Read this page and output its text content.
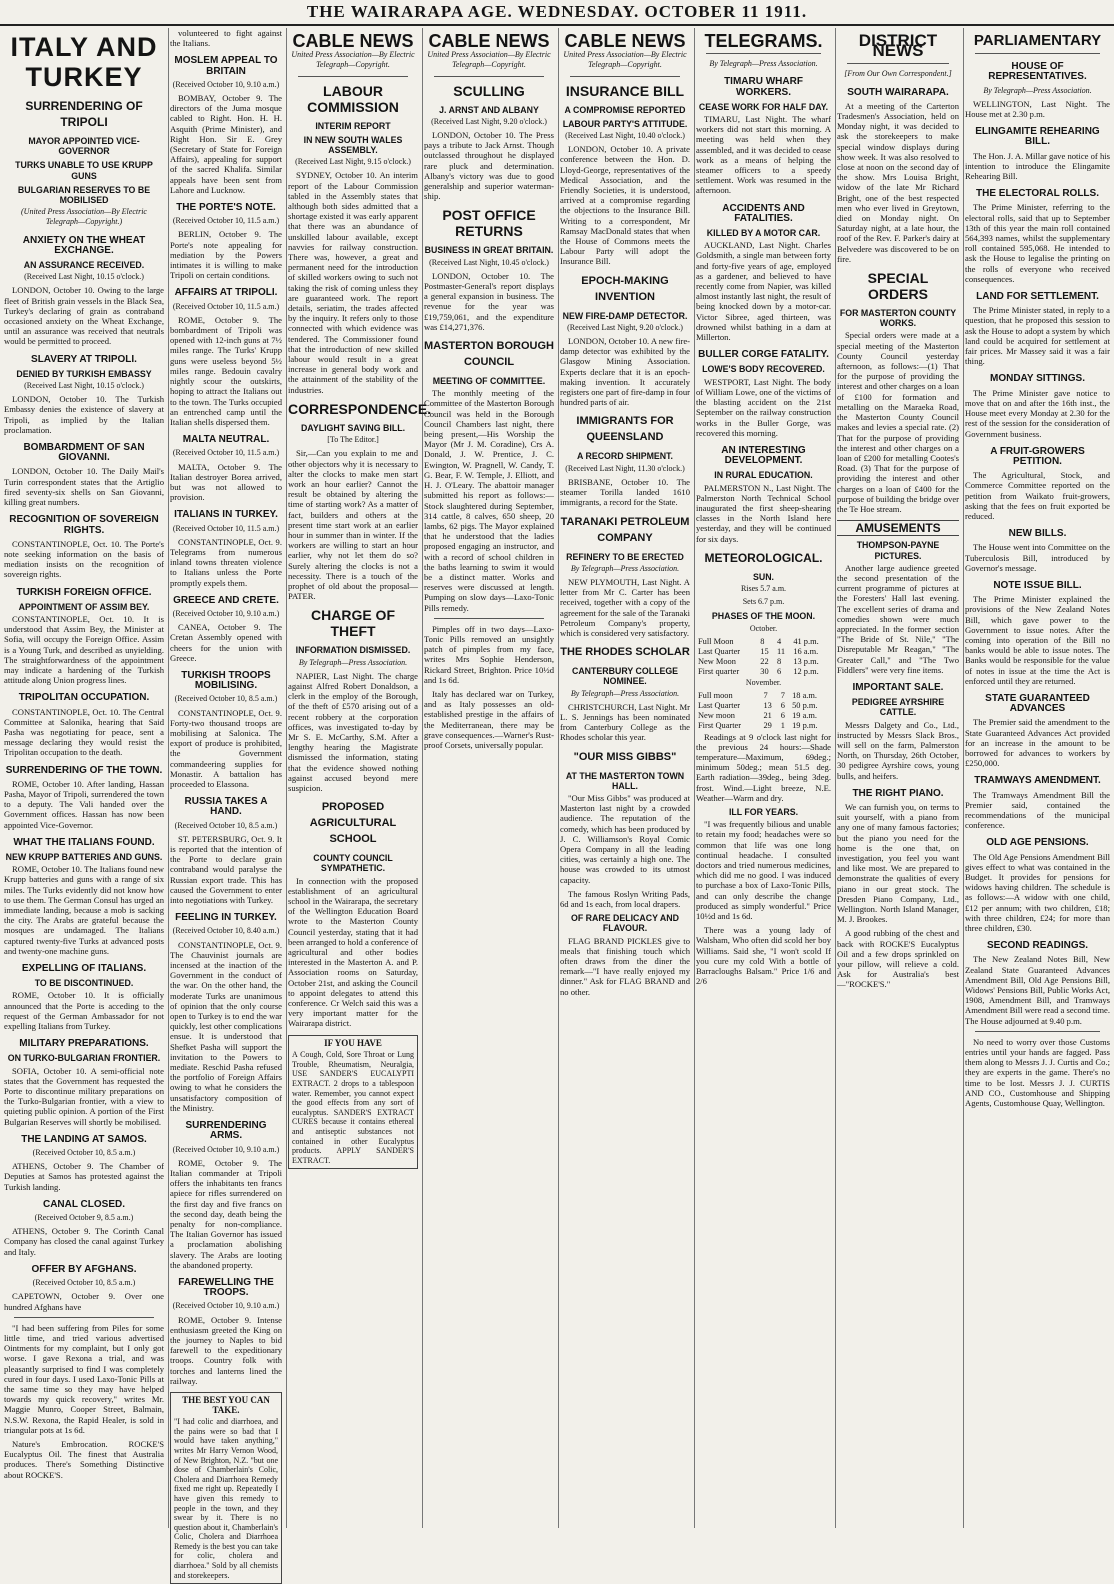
THE WAIRARAPA AGE. WEDNESDAY. OCTOBER 11 1911.
ITALY AND TURKEY
SURRENDERING OF TRIPOLI
MAYOR APPOINTED VICE-GOVERNOR
TURKS UNABLE TO USE KRUPP GUNS
BULGARIAN RESERVES TO BE MOBILISED

(United Press Association—By Electric Telegraph—Copyright.)

ANXIETY ON THE WHEAT EXCHANGE.
AN ASSURANCE RECEIVED.

(Received Last Night, 10.15 o'clock.)

LONDON, October 10. Owing to the large fleet of British grain vessels in the Black Sea, Turkey's declaring of grain as contraband occasioned anxiety on the Wheat Exchange, until an assurance was received that neutrals would be permitted to proceed.

SLAVERY AT TRIPOLI.
DENIED BY TURKISH EMBASSY

(Received Last Night, 10.15 o'clock.)

LONDON, October 10. The Turkish Embassy denies the existence of slavery at Tripoli, as implied by the Italian proclamation.

BOMBARDMENT OF SAN GIOVANNI.

LONDON, October 10. The Daily Mail's Turin correspondent states that the Artiglio fired seventy-six shells on San Giovanni, killing great numbers.

RECOGNITION OF SOVEREIGN RIGHTS.

CONSTANTINOPLE, Oct. 10. The Porte's note seeking information on the basis of mediation insists on the recognition of sovereign rights.

TURKISH FOREIGN OFFICE.
APPOINTMENT OF ASSIM BEY.

CONSTANTINOPLE, Oct. 10. It is understood that Assim Bey, the Minister at Sofia, will occupy the Foreign Office. Assim is a Young Turk, and described as unyielding. The straightforwardness of the appointment may indicate a hardening of the Turkish attitude along Union progress lines.

TRIPOLITAN OCCUPATION.

CONSTANTINOPLE, Oct. 10. The Central Committee at Salonika, hearing that Said Pasha was negotiating for peace, sent a message declaring they would resist the Tripolitan occupation to the death.

SURRENDERING OF THE TOWN.

ROME, October 10. After landing, Hassan Pasha, Mayor of Tripoli, surrendered the town to a deputy. The Vali handed over the Government offices. Hassan has now been appointed Vice-Governor.

WHAT THE ITALIANS FOUND.
NEW KRUPP BATTERIES AND GUNS.

ROME, October 10. The Italians found new Krupp batteries and guns with a range of six miles. The Turks evidently did not know how to use them. The German Consul has urged an immediate landing, because a mob is sacking the city. The Arabs are grateful because the mosques are undamaged. The Italians captured twenty-five Turks at advanced posts and twenty-one machine guns.

EXPELLING OF ITALIANS.
TO BE DISCONTINUED.

ROME, October 10. It is officially announced that the Porte is acceding to the request of the German Ambassador for not expelling Italians from Turkey.

MILITARY PREPARATIONS.
ON TURKO-BULGARIAN FRONTIER.

SOFIA, October 10. A semi-official note states that the Government has requested the Porte to discontinue military preparations on the Turko-Bulgarian frontier, with a view to quieting public opinion. A portion of the First Bulgarian Reserves will shortly be mobilised.

THE LANDING AT SAMOS.

(Received October 10, 8.5 a.m.)

ATHENS, October 9. The Chamber of Deputies at Samos has protested against the Turkish landing.

CANAL CLOSED.

(Received October 9, 8.5 a.m.)

ATHENS, October 9. The Corinth Canal Company has closed the canal against Turkey and Italy.

OFFER BY AFGHANS.

(Received October 10, 8.5 a.m.)

CAPETOWN, October 9. Over one hundred Afghans have

"I had been suffering from Piles for some little time, and tried various advertised Ointments for my complaint, but I only got worse. I gave Rexona a trial, and was pleasantly surprised to find I was completely cured in four days. I used Laxo-Tonic Pills at the same time so they may have helped towards my quick recovery," writes Mr. Maggie Munro, Cooper Street, Balmain, N.S.W. Rexona, the Rapid Healer, is sold in triangular pots at 1s 6d.

Nature's Embrocation. ROCKE'S Eucalyptus Oil. The finest that Australia produces. There's Something Distinctive about ROCKE'S.

volunteered to fight against the Italians.

MOSLEM APPEAL TO BRITAIN

(Received October 10, 9.10 a.m.)

BOMBAY, October 9. The directors of the Juma mosque cabled to Right. Hon. H. H. Asquith (Prime Minister), and Right Hon. Sir E. Grey (Secretary of State for Foreign Affairs), appealing for support of the sacred Khalifa. Similar appeals have been sent from Lahore and Lucknow.

THE PORTE'S NOTE.

(Received October 10, 11.5 a.m.)

BERLIN, October 9. The Porte's note appealing for mediation by the Powers intimates it is willing to make Tripoli on certain conditions.

AFFAIRS AT TRIPOLI.

(Received October 10, 11.5 a.m.)

ROME, October 9. The bombardment of Tripoli was opened with 12-inch guns at 7½ miles range. The Turks' Krupp guns were useless beyond 5½ miles range. Bedouin cavalry nightly scour the outskirts, hoping to attract the Italians out to the town. The Turks occupied an entrenched camp until the Italian shells dispersed them.

MALTA NEUTRAL.

(Received October 10, 11.5 a.m.)

MALTA, October 9. The Italian destroyer Borea arrived, but was not allowed to provision.

ITALIANS IN TURKEY.

(Received October 10, 11.5 a.m.)

CONSTANTINOPLE, Oct. 9. Telegrams from numerous inland towns threaten violence to Italians unless the Porte promptly expels them.

GREECE AND CRETE.

(Received October 10, 9.10 a.m.)

CANEA, October 9. The Cretan Assembly opened with cheers for the union with Greece.

TURKISH TROOPS MOBILISING.

(Received October 10, 8.5 a.m.)

CONSTANTINOPLE, Oct. 9. Forty-two thousand troops are mobilising at Salonica. The export of produce is prohibited, the Government commandeering supplies for Monastir. A battalion has proceeded to Elassona.

RUSSIA TAKES A HAND.

(Received October 10, 8.5 a.m.)

ST. PETERSBURG, Oct. 9. It is reported that the intention of the Porte to declare grain contraband would paralyse the Russian export trade. This has caused the Government to enter into negotiations with Turkey.

FEELING IN TURKEY.

(Received October 10, 8.40 a.m.)

CONSTANTINOPLE, Oct. 9. The Chauvinist journals are incensed at the inaction of the Government in the conduct of the war. On the other hand, the moderate Turks are unanimous of opinion that the only course open to Turkey is to end the war quickly, lest other complications ensue. It is understood that Shefket Pasha will support the invitation to the Powers to mediate. Reschid Pasha refused the portfolio of Foreign Affairs owing to what he considers the unsatisfactory composition of the Ministry.

SURRENDERING ARMS.

(Received October 10, 9.10 a.m.)

ROME, October 9. The Italian commander at Tripoli offers the inhabitants ten francs apiece for rifles surrendered on the first day and five francs on the second day, death being the penalty for non-compliance. The Italian Governor has issued a proclamation abolishing slavery. The Arabs are looting the abandoned property.

FAREWELLING THE TROOPS.

(Received October 10, 9.10 a.m.)

ROME, October 9. Intense enthusiasm greeted the King on the journey to Naples to bid farewell to the expeditionary troops. Country folk with torches and lanterns lined the railway.

THE BEST YOU CAN TAKE.
"I had colic and diarrhoea, and the pains were so bad that I would have taken anything," writes Mr Harry Vernon Wood, of New Brighton, N.Z. "but one dose of Chamberlain's Colic, Cholera and Diarrhoea Remedy fixed me right up. Repeatedly I have given this remedy to people in the town, and they swear by it. There is no question about it, Chamberlain's Colic, Cholera and Diarrhoea Remedy is the best you can take for colic, cholera and diarrhoea." Sold by all chemists and storekeepers.
CABLE NEWS

United Press Association—By Electric Telegraph—Copyright.

LABOUR COMMISSION
INTERIM REPORT
IN NEW SOUTH WALES ASSEMBLY.

(Received Last Night, 9.15 o'clock.)

SYDNEY, October 10. An interim report of the Labour Commission tabled in the Assembly states that although both sides admitted that a shortage existed it was early apparent that there was an abundance of unskilled labour available, except navvies for railway construction. There was, however, a great and permanent need for the introduction of skilled workers owing to such not taking the risk of coming unless they are guaranteed work. The report details, seriatim, the trades affected by the inquiry. It refers only to those connected with which evidence was tendered. The Commissioner found that the introduction of new skilled labour would result in a great increase in general body work and the attainment of the stability of the industries.

CORRESPONDENCE.
DAYLIGHT SAVING BILL.

[To The Editor.]

Sir,—Can you explain to me and other objectors why it is necessary to alter the clocks to make men start work an hour earlier? Cannot the result be obtained by altering the time of starting work? As a matter of fact, builders and others at the present time start work at an earlier hour in summer than in winter. If the workers are willing to start an hour earlier, why not let them do so? Surely altering the clocks is not a necessity. There is a touch of the prophet of old about the proposal—PATER.

CHARGE OF THEFT
INFORMATION DISMISSED.

By Telegraph—Press Association.

NAPIER, Last Night. The charge against Alfred Robert Donaldson, a clerk in the employ of the Borough, of the theft of £570 arising out of a recent robbery at the corporation offices, was investigated to-day by Mr S. E. McCarthy, S.M. After a lengthy hearing the Magistrate dismissed the information, stating that the evidence showed nothing against accused beyond mere suspicion.

PROPOSED AGRICULTURAL SCHOOL
COUNTY COUNCIL SYMPATHETIC.

In connection with the proposed establishment of an agricultural school in the Wairarapa, the secretary of the Wellington Education Board wrote to the Masterton County Council yesterday, stating that it had been arranged to hold a conference of agricultural and other bodies interested in the Masterton A. and P. Association rooms on Saturday, October 21st, and asking the Council to appoint delegates to attend this conference. Cr Welch said this was a very important matter for the Wairarapa district.

IF YOU HAVE
A Cough, Cold, Sore Throat or Lung Trouble, Rheumatism, Neuralgia, USE SANDER'S EUCALYPTI EXTRACT. 2 drops to a tablespoon water. Remember, you cannot expect the good effects from any sort of eucalyptus. SANDER'S EXTRACT CURES because it contains ethereal and antiseptic substances not contained in other Eucalyptus products. APPLY SANDER'S EXTRACT.
CABLE NEWS

United Press Association—By Electric Telegraph—Copyright.

SCULLING
J. ARNST AND ALBANY

(Received Last Night, 9.20 o'clock.)

LONDON, October 10. The Press pays a tribute to Jack Arnst. Though outclassed throughout he displayed rare pluck and determination. Albany's victory was due to good generalship and superior waterman-ship.

POST OFFICE RETURNS
BUSINESS IN GREAT BRITAIN.

(Received Last Night, 10.45 o'clock.)

LONDON, October 10. The Postmaster-General's report displays a general expansion in business. The revenue for the year was £19,759,061, and the expenditure was £14,271,376.

MASTERTON BOROUGH COUNCIL
MEETING OF COMMITTEE.

The monthly meeting of the Committee of the Masterton Borough Council was held in the Borough Council Chambers last night, there being present,—His Worship the Mayor (Mr J. M. Coradine), Crs A. Donald, J. W. Prentice, J. C. Ewington, W. Pragnell, W. Candy, T. G. Bear, F. W. Temple, J. Elliott, and H. J. O'Leary. The abattoir manager submitted his report as follows:—Stock slaughtered during September, 314 cattle, 8 calves, 650 sheep, 20 lambs, 62 pigs. The Mayor explained that he understood that the ladies proposed engaging an instructor, and with a record of school children in the baths learning to swim it would be a distinct matter. Works and reserves were discussed at length. Pumping on slow days—Laxo-Tonic Pills remedy.

Pimples off in two days—Laxo-Tonic Pills removed an unsightly patch of pimples from my face, writes Mrs Sophie Henderson, Rickard Street, Brighton. Price 10½d and 1s 6d.

Italy has declared war on Turkey, and as Italy possesses an old-established prestige in the affairs of the Mediterranean, there may be grave consequences.—Warner's Rust-proof Corsets, universally popular.

CABLE NEWS

United Press Association—By Electric Telegraph—Copyright.

INSURANCE BILL
A COMPROMISE REPORTED
LABOUR PARTY'S ATTITUDE.

(Received Last Night, 10.40 o'clock.)

LONDON, October 10. A private conference between the Hon. D. Lloyd-George, representatives of the Medical Association, and the Friendly Societies, it is understood, arrived at a compromise regarding the objections to the Insurance Bill. Writing to a correspondent, Mr Ramsay MacDonald states that when the House of Commons meets the Labour Party will adopt the Insurance Bill.

EPOCH-MAKING INVENTION
NEW FIRE-DAMP DETECTOR.

(Received Last Night, 9.20 o'clock.)

LONDON, October 10. A new fire-damp detector was exhibited by the Glasgow Mining Association. Experts declare that it is an epoch-making invention. It accurately registers one part of fire-damp in four hundred parts of air.

IMMIGRANTS FOR QUEENSLAND
A RECORD SHIPMENT.

(Received Last Night, 11.30 o'clock.)

BRISBANE, October 10. The steamer Torilla landed 1610 immigrants, a record for the State.

TARANAKI PETROLEUM COMPANY
REFINERY TO BE ERECTED

By Telegraph—Press Association.

NEW PLYMOUTH, Last Night. A letter from Mr C. Carter has been received, together with a copy of the agreement for the sale of the Taranaki Petroleum Company's property, which is considered very satisfactory.

THE RHODES SCHOLAR
CANTERBURY COLLEGE NOMINEE.

By Telegraph—Press Association.

CHRISTCHURCH, Last Night. Mr L. S. Jennings has been nominated from Canterbury College as the Rhodes scholar this year.

"OUR MISS GIBBS"
AT THE MASTERTON TOWN HALL.

"Our Miss Gibbs" was produced at Masterton last night by a crowded audience. The reputation of the comedy, which has been produced by J. C. Williamson's Royal Comic Opera Company in all the leading cities, was certainly a high one. The house was crowded to its utmost capacity.

The famous Roslyn Writing Pads, 6d and 1s each, from local drapers.

OF RARE DELICACY AND FLAVOUR.

FLAG BRAND PICKLES give to meals that finishing touch which often draws from the diner the remark—"I have really enjoyed my dinner." Ask for FLAG BRAND and no other.

TELEGRAMS.

By Telegraph—Press Association.

TIMARU WHARF WORKERS.
CEASE WORK FOR HALF DAY.

TIMARU, Last Night. The wharf workers did not start this morning. A meeting was held when they assembled, and it was decided to cease work as a means of helping the steamer officers to a speedy settlement. Work was resumed in the afternoon.

ACCIDENTS AND FATALITIES.
KILLED BY A MOTOR CAR.

AUCKLAND, Last Night. Charles Goldsmith, a single man between forty and forty-five years of age, employed as a gardener, and believed to have recently come from Napier, was killed almost instantly last night, the result of being knocked down by a motor-car. Victor Sibree, aged thirteen, was drowned whilst bathing in a dam at Millerton.

BULLER CORGE FATALITY.
LOWE'S BODY RECOVERED.

WESTPORT, Last Night. The body of William Lowe, one of the victims of the blasting accident on the 21st September on the railway construction works in the Buller Gorge, was recovered this morning.

AN INTERESTING DEVELOPMENT.
IN RURAL EDUCATION.

PALMERSTON N., Last Night. The Palmerston North Technical School inaugurated the first sheep-shearing classes in the North Island here yesterday, and they will be continued for six days.

METEOROLOGICAL.
SUN.

Rises 5.7 a.m.

Sets 6.7 p.m.

PHASES OF THE MOON.

October.

Full Moon	8	4	41 p.m.
Last Quarter	15	11	16 a.m.
New Moon	22	8	13 p.m.
First quarter	30	6	12 p.m.

November.

Full moon	7	7	18 a.m.
Last Quarter	13	6	50 p.m.
New moon	21	6	19 a.m.
First Quarter	29	1	19 p.m.

Readings at 9 o'clock last night for the previous 24 hours:—Shade temperature—Maximum, 69deg.; minimum 50deg.; mean 51.5 deg. Earth radiation—39deg., being 3deg. frost. Wind.—Light breeze, N.E. Weather—Warm and dry.

ILL FOR YEARS.

"I was frequently bilious and unable to retain my food; headaches were so common that life was one long continual headache. I consulted doctors and tried numerous medicines, which did me no good. I was induced to purchase a box of Laxo-Tonic Pills, and can only describe the change produced as simply wonderful." Price 10½d and 1s 6d.

There was a young lady of Walsham, Who often did scold her boy Williams. Said she, "I won't scold If you cure my cold With a bottle of Barracloughs Balsam." Price 1/6 and 2/6

DISTRICT NEWS

[From Our Own Correspondent.]

SOUTH WAIRARAPA.

At a meeting of the Carterton Tradesmen's Association, held on Monday night, it was decided to ask the storekeepers to make special window displays during show week. It was also resolved to close at noon on the second day of the show. Mrs Louisa Bright, widow of the late Mr Richard Bright, one of the best respected men who ever lived in Greytown, died on Monday night. On Saturday night, at a late hour, the roof of the Rev. F. Parker's dairy at Belvedere was discovered to be on fire.

SPECIAL ORDERS
FOR MASTERTON COUNTY WORKS.

Special orders were made at a special meeting of the Masterton County Council yesterday afternoon, as follows:—(1) That for the purpose of providing the interest and other charges on a loan of £100 for formation and metalling on the Maraeka Road, the Masterton County Council makes and levies a special rate. (2) That for the purpose of providing the interest and other charges on a loan of £200 for metalling Cootes's Road. (3) That for the purpose of providing the interest and other charges on a loan of £400 for the purpose of building the bridge over the Te Hoe stream.

AMUSEMENTS
THOMPSON-PAYNE PICTURES.

Another large audience greeted the second presentation of the current programme of pictures at the Foresters' Hall last evening. The excellent series of drama and comedies shown were much appreciated. In the former section "The Bride of St. Nile," "The Disreputable Mr Reagan," "The Greater Call," and "The Two Fiddlers" were very fine items.

IMPORTANT SALE.
PEDIGREE AYRSHIRE CATTLE.

Messrs Dalgety and Co., Ltd., instructed by Messrs Slack Bros., will sell on the farm, Palmerston North, on Thursday, 26th October, 30 pedigree Ayrshire cows, young bulls, and heifers.

THE RIGHT PIANO.

We can furnish you, on terms to suit yourself, with a piano from any one of many famous factories; but the piano you need for the home is the one that, on investigation, you feel you want and like most. We are prepared to demonstrate the qualities of every piano in our great stock. The Dresden Piano Company, Ltd., Wellington. North Island Manager, M. J. Brookes.

A good rubbing of the chest and back with ROCKE'S Eucalyptus Oil and a few drops sprinkled on your pillow, will relieve a cold. Ask for Australia's best—"ROCKE'S."

PARLIAMENTARY
HOUSE OF REPRESENTATIVES.

By Telegraph—Press Association.

WELLINGTON, Last Night. The House met at 2.30 p.m.

ELINGAMITE REHEARING BILL.

The Hon. J. A. Millar gave notice of his intention to introduce the Elingamite Rehearing Bill.

THE ELECTORAL ROLLS.

The Prime Minister, referring to the electoral rolls, said that up to September 13th of this year the main roll contained 564,393 names, whilst the supplementary roll contained 595,068. He intended to ask the House to legalise the printing on the rolls of everyone who received consequences.

LAND FOR SETTLEMENT.

The Prime Minister stated, in reply to a question, that he proposed this session to ask the House to adopt a system by which land could be acquired for settlement at fair prices. Mr Massey said it was a fair thing.

MONDAY SITTINGS.

The Prime Minister gave notice to move that on and after the 16th inst., the House meet every Monday at 2.30 for the rest of the session for the consideration of Government business.

A FRUIT-GROWERS PETITION.

The Agricultural, Stock, and Commerce Committee reported on the petition from Waikato fruit-growers, asking that the fees on fruit exported be reduced.

NEW BILLS.

The House went into Committee on the Tuberculosis Bill, introduced by Governor's message.

NOTE ISSUE BILL.

The Prime Minister explained the provisions of the New Zealand Notes Bill, which gave power to the Government to issue notes. After the coming into operation of the Bill no banks would be able to issue notes. The Banks would be responsible for the value of notes in issue at the time the Act is enforced until they are returned.

STATE GUARANTEED ADVANCES

The Premier said the amendment to the State Guaranteed Advances Act provided for an increase in the amount to be borrowed for advances to workers by £250,000.

TRAMWAYS AMENDMENT.

The Tramways Amendment Bill the Premier said, contained the recommendations of the municipal conference.

OLD AGE PENSIONS.

The Old Age Pensions Amendment Bill gives effect to what was contained in the Budget. It provides for pensions for widows having children. The schedule is as follows:—A widow with one child, £12 per annum; with two children, £18; with three children, £24; for more than three children, £30.

SECOND READINGS.

The New Zealand Notes Bill, New Zealand State Guaranteed Advances Amendment Bill, Old Age Pensions Bill, Widows' Pensions Bill, Public Works Act, 1908, Amendment Bill, and Tramways Amendment Bill were read a second time. The House adjourned at 9.40 p.m.

No need to worry over those Customs entries until your hands are fagged. Pass them along to Messrs J. J. Curtis and Co.; they are experts in the game. There's no time to be lost. Messrs J. J. CURTIS AND CO., Customhouse and Shipping Agents, Customhouse Quay, Wellington.
